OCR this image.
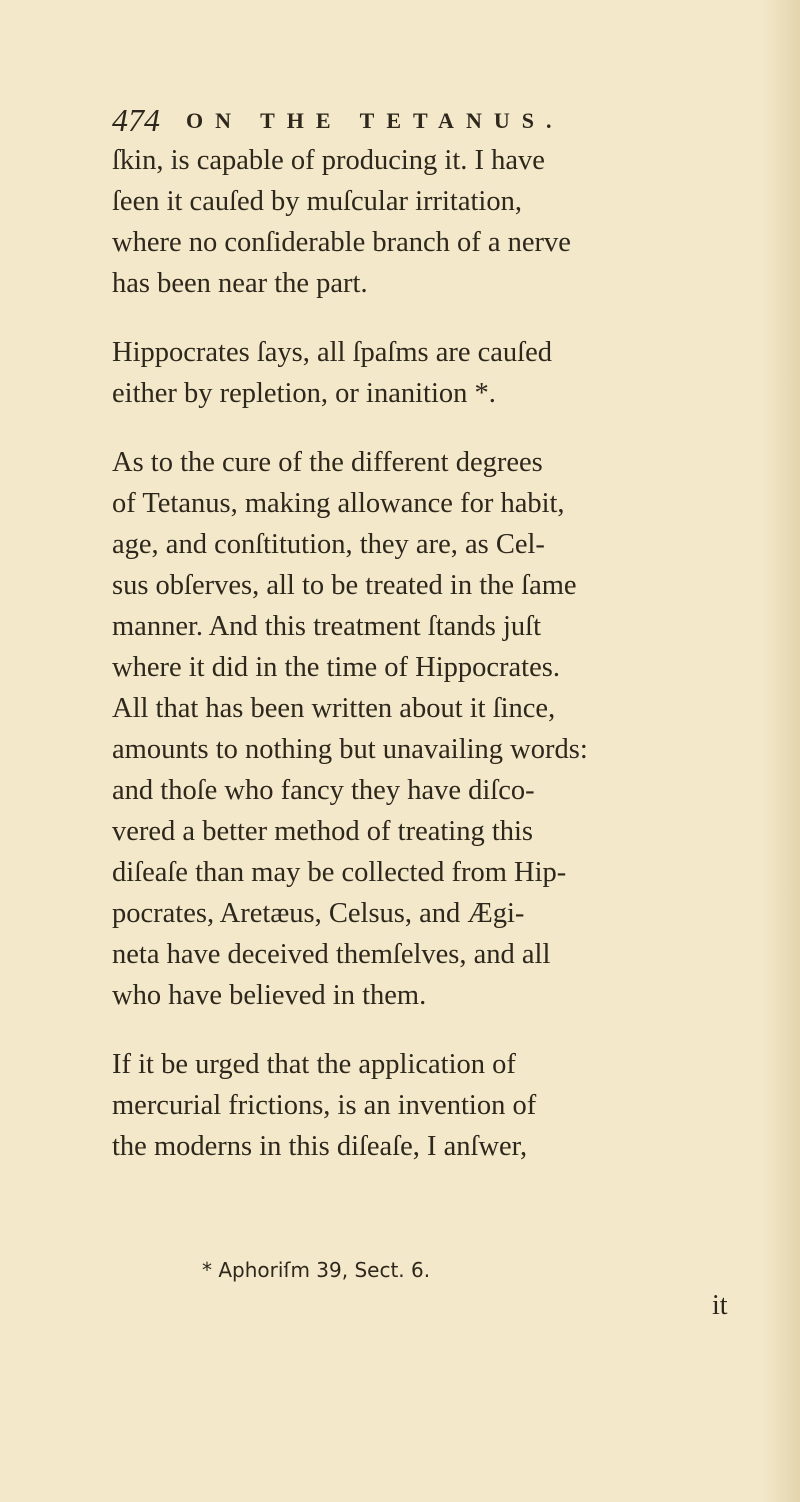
474 ON THE TETANUS.
ſkin, is capable of producing it. I have
ſeen it cauſed by muſcular irritation,
where no conſiderable branch of a nerve
has been near the part.
Hippocrates ſays, all ſpaſms are cauſed
either by repletion, or inanition *.
As to the cure of the different degrees
of Tetanus, making allowance for habit,
age, and conſtitution, they are, as Cel-
sus obſerves, all to be treated in the ſame
manner. And this treatment ſtands juſt
where it did in the time of Hippocrates.
All that has been written about it ſince,
amounts to nothing but unavailing words:
and thoſe who fancy they have diſco-
vered a better method of treating this
diſeaſe than may be collected from Hip-
pocrates, Aretæus, Celsus, and Ægi-
neta have deceived themſelves, and all
who have believed in them.
If it be urged that the application of
mercurial frictions, is an invention of
the moderns in this diſeaſe, I anſwer,
* Aphoriſm 39, Sect. 6.
it
